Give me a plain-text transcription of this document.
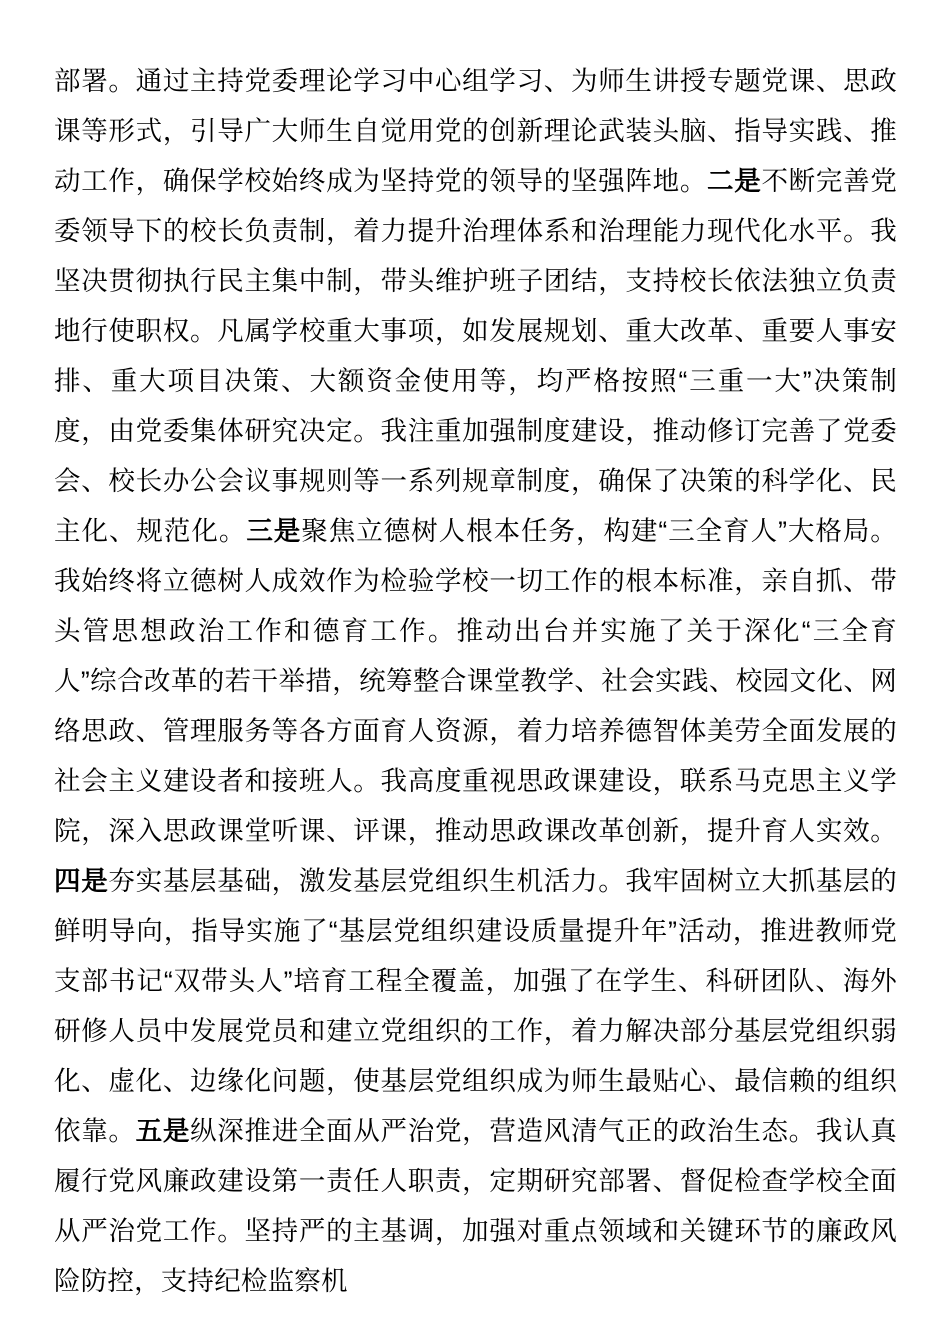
部署。通过主持党委理论学习中心组学习、为师生讲授专题党课、思政课等形式，引导广大师生自觉用党的创新理论武装头脑、指导实践、推动工作，确保学校始终成为坚持党的领导的坚强阵地。二是不断完善党委领导下的校长负责制，着力提升治理体系和治理能力现代化水平。我坚决贯彻执行民主集中制，带头维护班子团结，支持校长依法独立负责地行使职权。凡属学校重大事项，如发展规划、重大改革、重要人事安排、重大项目决策、大额资金使用等，均严格按照“三重一大”决策制度，由党委集体研究决定。我注重加强制度建设，推动修订完善了党委会、校长办公会议事规则等一系列规章制度，确保了决策的科学化、民主化、规范化。三是聚焦立德树人根本任务，构建“三全育人”大格局。我始终将立德树人成效作为检验学校一切工作的根本标准，亲自抓、带头管思想政治工作和德育工作。推动出台并实施了关于深化“三全育人”综合改革的若干举措，统筹整合课堂教学、社会实践、校园文化、网络思政、管理服务等各方面育人资源，着力培养德智体美劳全面发展的社会主义建设者和接班人。我高度重视思政课建设，联系马克思主义学院，深入思政课堂听课、评课，推动思政课改革创新，提升育人实效。四是夯实基层基础，激发基层党组织生机活力。我牢固树立大抓基层的鲜明导向，指导实施了“基层党组织建设质量提升年”活动，推进教师党支部书记“双带头人”培育工程全覆盖，加强了在学生、科研团队、海外研修人员中发展党员和建立党组织的工作，着力解决部分基层党组织弱化、虚化、边缘化问题，使基层党组织成为师生最贴心、最信赖的组织依靠。五是纵深推进全面从严治党，营造风清气正的政治生态。我认真履行党风廉政建设第一责任人职责，定期研究部署、督促检查学校全面从严治党工作。坚持严的主基调，加强对重点领域和关键环节的廉政风险防控，支持纪检监察机
